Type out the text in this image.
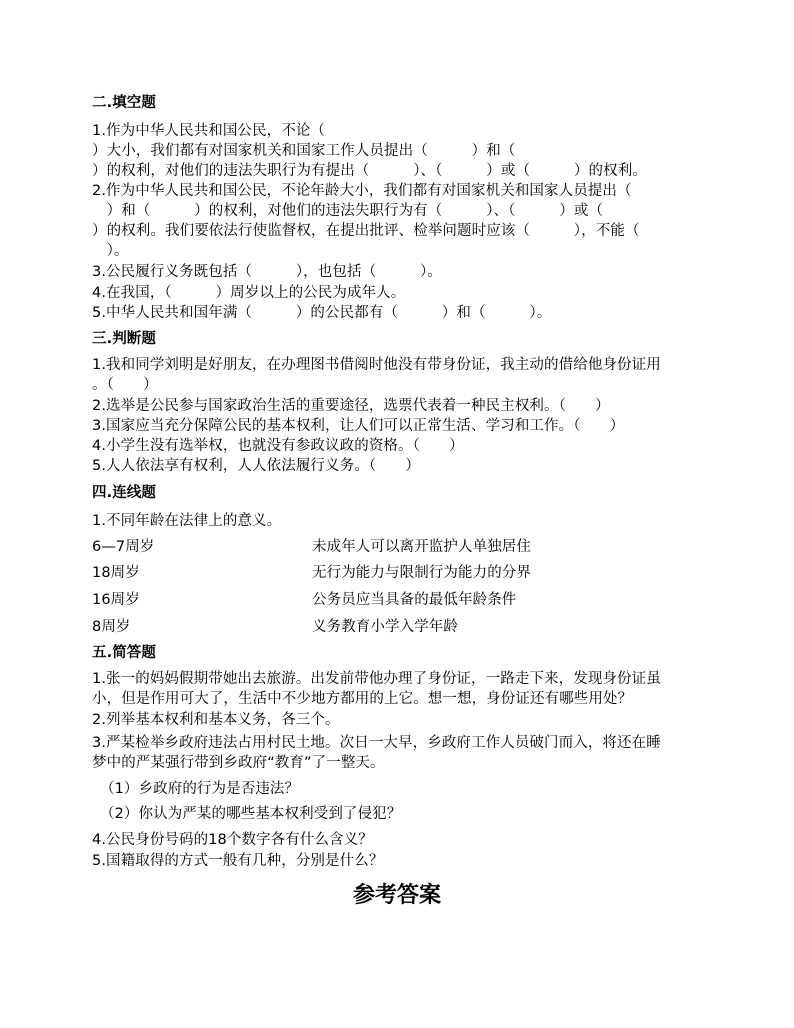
二.填空题
1.作为中华人民共和国公民，不论（
）大小，我们都有对国家机关和国家工作人员提出（　　　）和（
）的权利，对他们的违法失职行为有提出（　　　）、（　　　）或（　　　）的权利。
2.作为中华人民共和国公民，不论年龄大小，我们都有对国家机关和国家人员提出（
　）和（　　　）的权利，对他们的违法失职行为有（　　　）、（　　　）或（
）的权利。我们要依法行使监督权，在提出批评、检举问题时应该（　　　），不能（
　）。
3.公民履行义务既包括（　　　），也包括（　　　）。
4.在我国，（　　　）周岁以上的公民为成年人。
5.中华人民共和国年满（　　　）的公民都有（　　　）和（　　　）。
三.判断题
1.我和同学刘明是好朋友，在办理图书借阅时他没有带身份证，我主动的借给他身份证用
。（　　）
2.选举是公民参与国家政治生活的重要途径，选票代表着一种民主权利。（　　）
3.国家应当充分保障公民的基本权利，让人们可以正常生活、学习和工作。（　　）
4.小学生没有选举权，也就没有参政议政的资格。（　　）
5.人人依法享有权利，人人依法履行义务。（　　）
四.连线题
1.不同年龄在法律上的意义。
6—7周岁	未成年人可以离开监护人单独居住
18周岁	无行为能力与限制行为能力的分界
16周岁	公务员应当具备的最低年龄条件
8周岁	义务教育小学入学年龄
五.简答题
1.张一的妈妈假期带她出去旅游。出发前带他办理了身份证，一路走下来，发现身份证虽
小，但是作用可大了，生活中不少地方都用的上它。想一想，身份证还有哪些用处？
2.列举基本权利和基本义务，各三个。
3.严某检举乡政府违法占用村民土地。次日一大早，乡政府工作人员破门而入，将还在睡
梦中的严某强行带到乡政府“教育”了一整天。
（1）乡政府的行为是否违法？
（2）你认为严某的哪些基本权利受到了侵犯？
4.公民身份号码的18个数字各有什么含义？
5.国籍取得的方式一般有几种，分别是什么？
参考答案
